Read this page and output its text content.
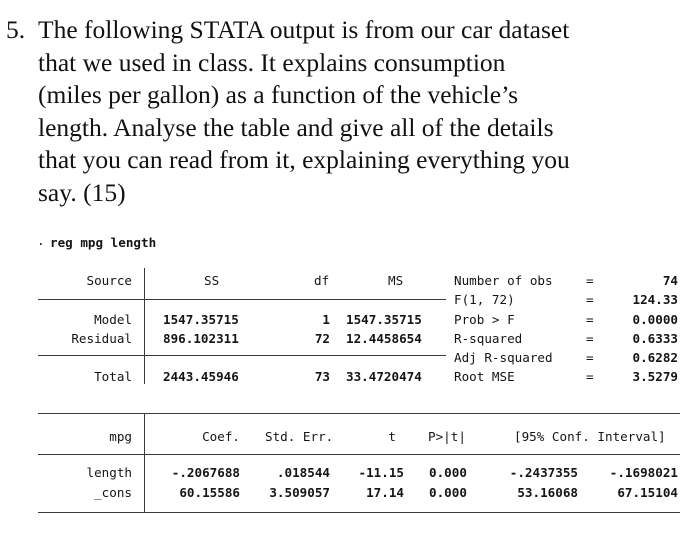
5. The following STATA output is from our car dataset
that we used in class. It explains consumption
(miles per gallon) as a function of the vehicle’s
length. Analyse the table and give all of the details
that you can read from it, explaining everything you
say. (15)
. reg mpg length
Source	SS	df	MS
Model 1547.35715	1 1547.35715
Residual 896.102311	72 12.4458654
Total 2443.45946	73 33.4720474
Number of obs	=	74
F(1, 72)	=	124.33
Prob > F	=	0.0000
R-squared	=	0.6333
Adj R-squared	=	0.6282
Root MSE	=	3.5279
mpg	Coef. Std. Err.	t	P>|t|	[95% Conf. Interval]
length	-.2067688	.018544	-11.15 0.000	-.2437355	-.1698021
_cons	60.15586	3.509057	17.14 0.000	53.16068	67.15104
